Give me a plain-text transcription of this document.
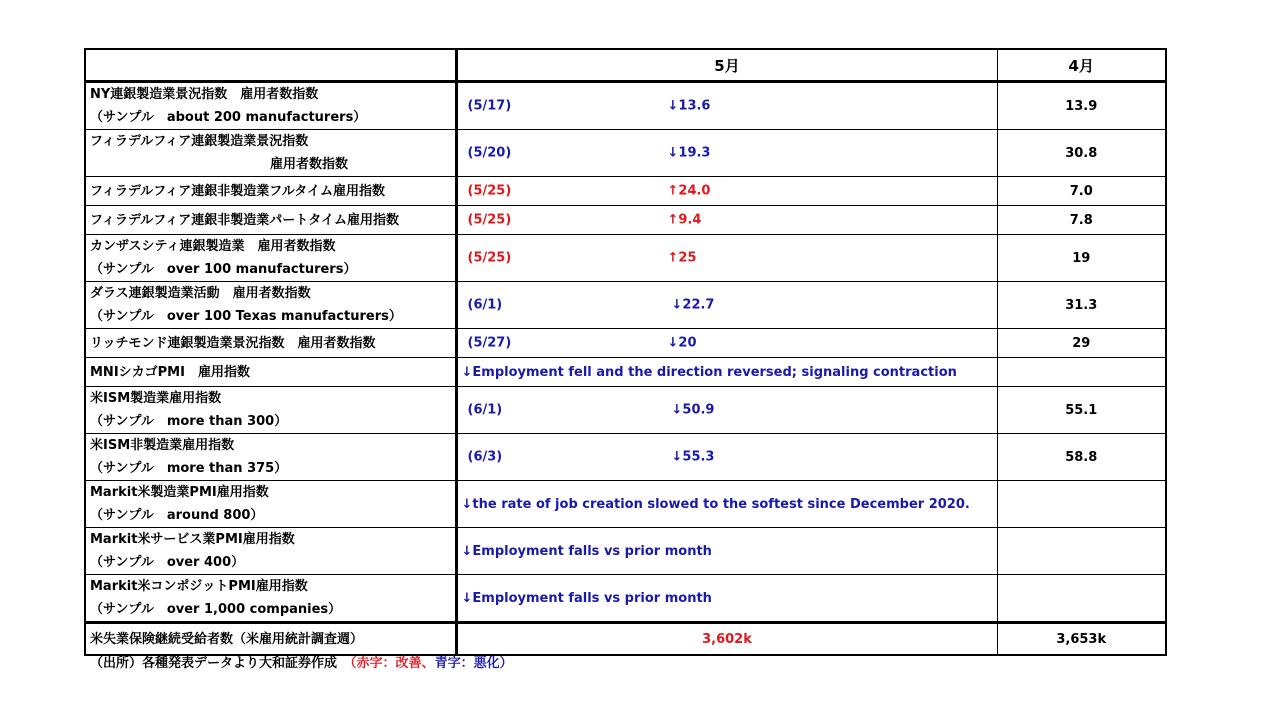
	5月	4月

NY連銀製造業景況指数　雇用者数指数
（サンプル　about 200 manufacturers）	(5/17) ↓13.6	13.9

フィラデルフィア連銀製造業景況指数
雇用者数指数	(5/20) ↓19.3	30.8

フィラデルフィア連銀非製造業フルタイム雇用指数	(5/25) ↑24.0	7.0

フィラデルフィア連銀非製造業パートタイム雇用指数	(5/25) ↑9.4	7.8

カンザスシティ連銀製造業　雇用者数指数
（サンプル　over 100 manufacturers）	(5/25) ↑25	19

ダラス連銀製造業活動　雇用者数指数
（サンプル　over 100 Texas manufacturers）	(6/1) ↓22.7	31.3

リッチモンド連銀製造業景況指数　雇用者数指数	(5/27) ↓20	29

MNIシカゴPMI　雇用指数	↓Employment fell and the direction reversed; signaling contraction	

米ISM製造業雇用指数
（サンプル　more than 300）	(6/1) ↓50.9	55.1

米ISM非製造業雇用指数
（サンプル　more than 375）	(6/3) ↓55.3	58.8

Markit米製造業PMI雇用指数
（サンプル　around 800）	↓the rate of job creation slowed to the softest since December 2020.	

Markit米サービス業PMI雇用指数
（サンプル　over 400）	↓Employment falls vs prior month	

Markit米コンポジットPMI雇用指数
（サンプル　over 1,000 companies）	↓Employment falls vs prior month	

米失業保険継続受給者数（米雇用統計調査週）	3,602k	3,653k
（出所）各種発表データより大和証券作成　（赤字：改善、青字：悪化）
